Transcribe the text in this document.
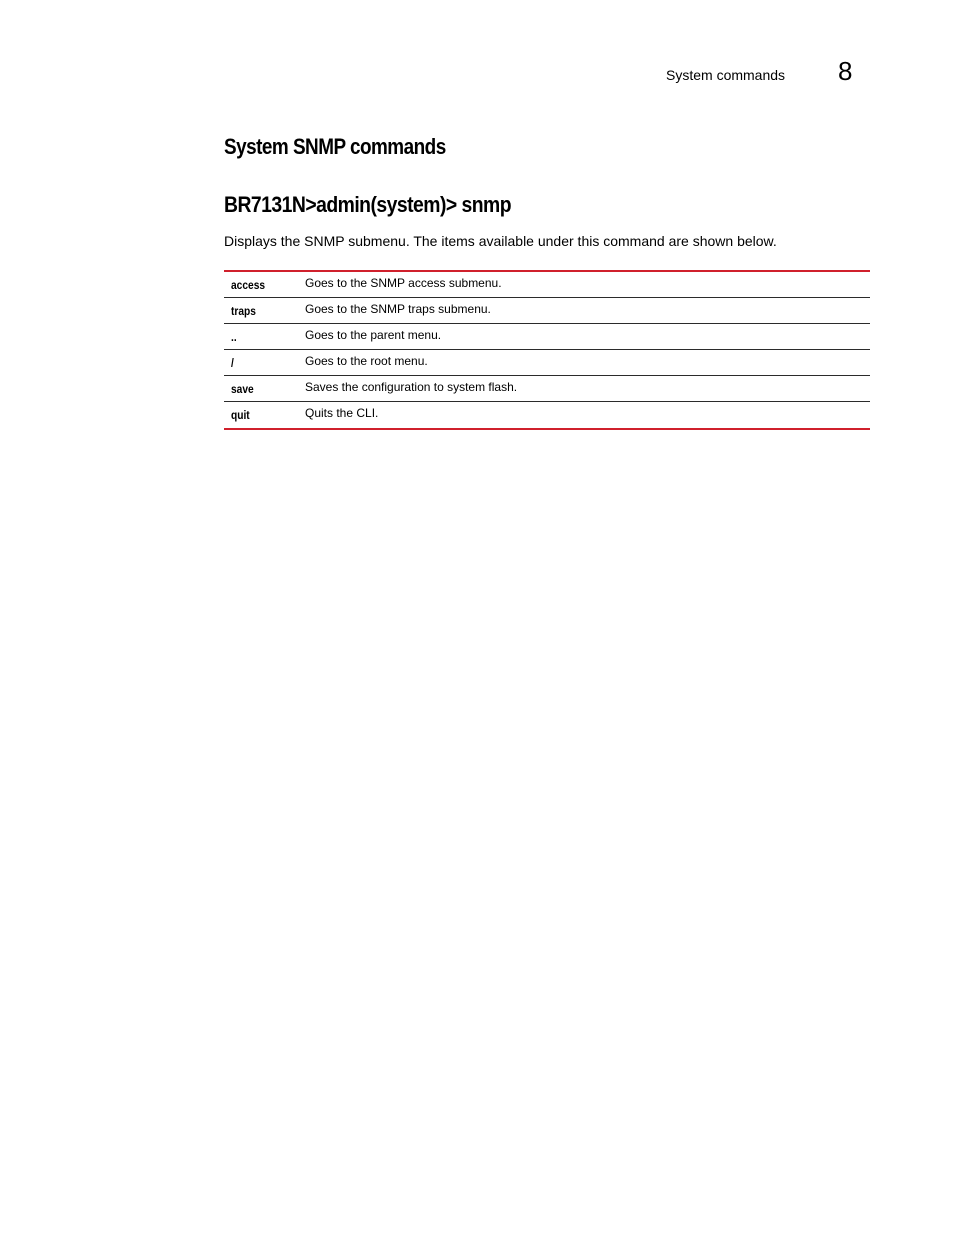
System commands 8
System SNMP commands
BR7131N>admin(system)> snmp

Displays the SNMP submenu. The items available under this command are shown below.

access	Goes to the SNMP access submenu.
traps	Goes to the SNMP traps submenu.
..	Goes to the parent menu.
/	Goes to the root menu.
save	Saves the configuration to system flash.
quit	Quits the CLI.
